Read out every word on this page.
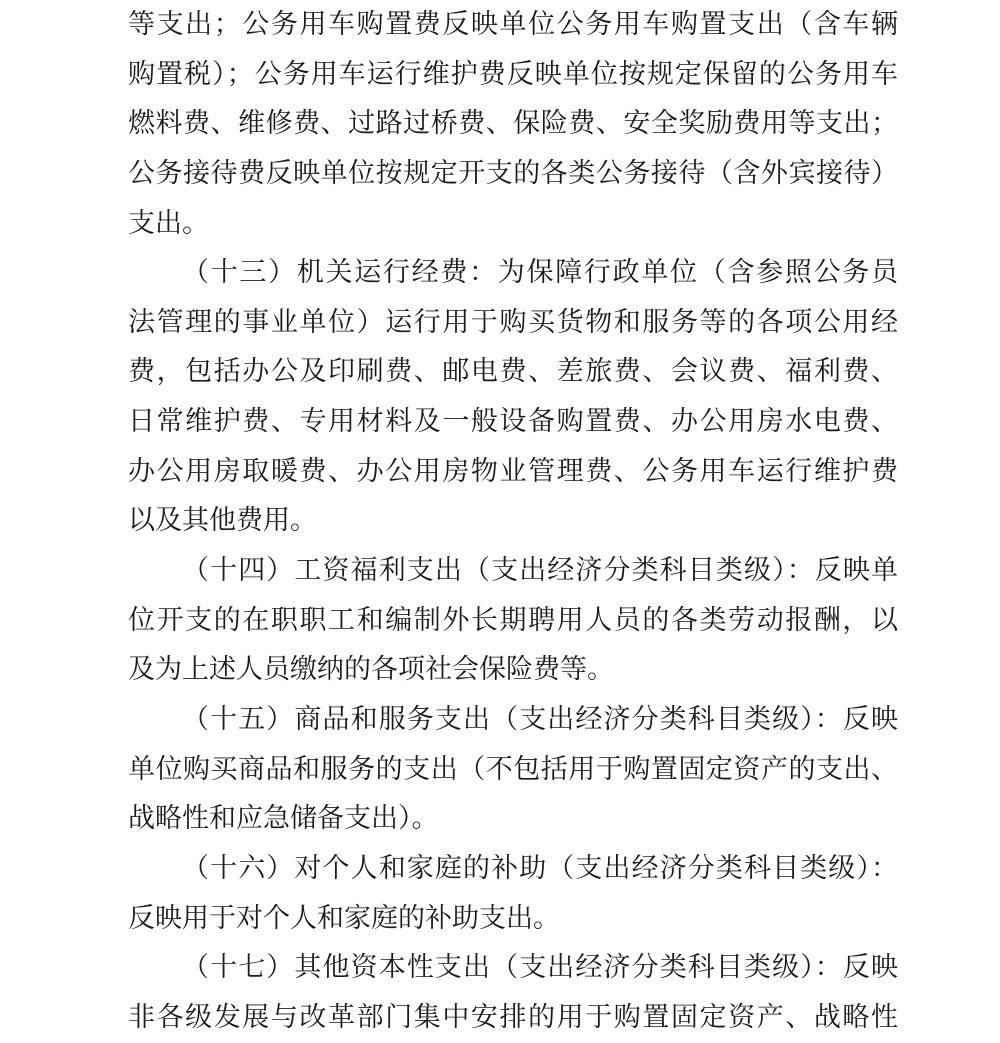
等支出；公务用车购置费反映单位公务用车购置支出（含车辆
购置税）；公务用车运行维护费反映单位按规定保留的公务用车
燃料费、维修费、过路过桥费、保险费、安全奖励费用等支出；
公务接待费反映单位按规定开支的各类公务接待（含外宾接待）
支出。
（十三）机关运行经费：为保障行政单位（含参照公务员
法管理的事业单位）运行用于购买货物和服务等的各项公用经
费，包括办公及印刷费、邮电费、差旅费、会议费、福利费、
日常维护费、专用材料及一般设备购置费、办公用房水电费、
办公用房取暖费、办公用房物业管理费、公务用车运行维护费
以及其他费用。
（十四）工资福利支出（支出经济分类科目类级）：反映单
位开支的在职职工和编制外长期聘用人员的各类劳动报酬，以
及为上述人员缴纳的各项社会保险费等。
（十五）商品和服务支出（支出经济分类科目类级）：反映
单位购买商品和服务的支出（不包括用于购置固定资产的支出、
战略性和应急储备支出）。
（十六）对个人和家庭的补助（支出经济分类科目类级）：
反映用于对个人和家庭的补助支出。
（十七）其他资本性支出（支出经济分类科目类级）：反映
非各级发展与改革部门集中安排的用于购置固定资产、战略性
